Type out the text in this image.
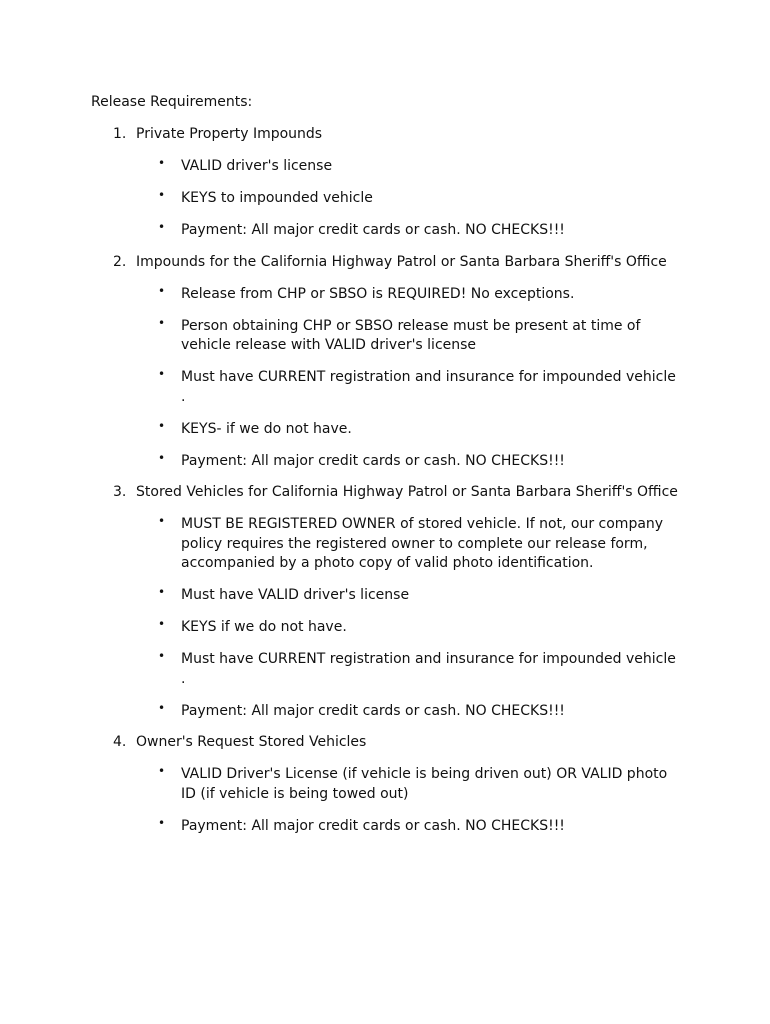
Release Requirements:
1. Private Property Impounds
• VALID driver's license
• KEYS to impounded vehicle
• Payment: All major credit cards or cash. NO CHECKS!!!
2. Impounds for the California Highway Patrol or Santa Barbara Sheriff's Office
• Release from CHP or SBSO is REQUIRED! No exceptions.
• Person obtaining CHP or SBSO release must be present at time of vehicle release with VALID driver's license
• Must have CURRENT registration and insurance for impounded vehicle .
• KEYS- if we do not have.
• Payment: All major credit cards or cash. NO CHECKS!!!
3. Stored Vehicles for California Highway Patrol or Santa Barbara Sheriff's Office
• MUST BE REGISTERED OWNER of stored vehicle. If not, our company policy requires the registered owner to complete our release form, accompanied by a photo copy of valid photo identification.
• Must have VALID driver's license
• KEYS if we do not have.
• Must have CURRENT registration and insurance for impounded vehicle .
• Payment: All major credit cards or cash. NO CHECKS!!!
4. Owner's Request Stored Vehicles
• VALID Driver's License (if vehicle is being driven out) OR VALID photo ID (if vehicle is being towed out)
• Payment: All major credit cards or cash. NO CHECKS!!!
